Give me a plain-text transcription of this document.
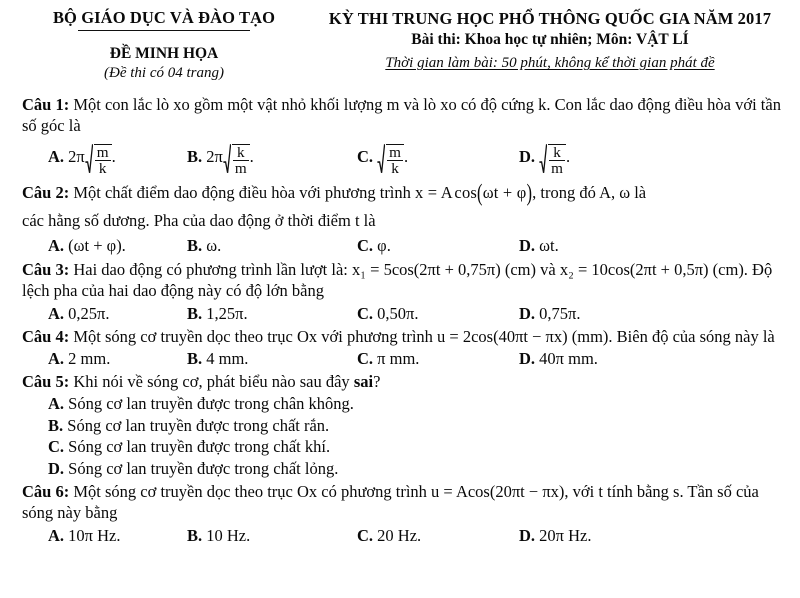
BỘ GIÁO DỤC VÀ ĐÀO TẠO
ĐỀ MINH HỌA
(Đề thi có 04 trang)
KỲ THI TRUNG HỌC PHỔ THÔNG QUỐC GIA NĂM 2017
Bài thi: Khoa học tự nhiên; Môn: VẬT LÍ
Thời gian làm bài: 50 phút, không kể thời gian phát đề
Câu 1: Một con lắc lò xo gồm một vật nhỏ khối lượng m và lò xo có độ cứng k. Con lắc dao động điều hòa với tần số góc là
A. $2\pi \frac{m}{k}$ .	B. $2\pi \frac{k}{m}$ .	C. $\frac{m}{k}$ .	D. $\frac{k}{m}$ .
Câu 2: Một chất điểm dao động điều hòa với phương trình x = A cos(ωt + φ), trong đó A, ω là
các hằng số dương. Pha của dao động ở thời điểm t là
A. (ωt + φ).	B. ω.	C. φ.	D. ωt.
Câu 3: Hai dao động có phương trình lần lượt là: x₁ = 5cos(2πt + 0,75π) (cm) và x₂ = 10cos(2πt + 0,5π) (cm). Độ lệch pha của hai dao động này có độ lớn bằng
A. 0,25π.	B. 1,25π.	C. 0,50π.	D. 0,75π.
Câu 4: Một sóng cơ truyền dọc theo trục Ox với phương trình u = 2cos(40πt − πx) (mm). Biên độ của sóng này là
A. 2 mm.	B. 4 mm.	C. π mm.	D. 40π mm.
Câu 5: Khi nói về sóng cơ, phát biểu nào sau đây sai?
A. Sóng cơ lan truyền được trong chân không.
B. Sóng cơ lan truyền được trong chất rắn.
C. Sóng cơ lan truyền được trong chất khí.
D. Sóng cơ lan truyền được trong chất lỏng.
Câu 6: Một sóng cơ truyền dọc theo trục Ox có phương trình u = Acos(20πt − πx), với t tính bằng s. Tần số của sóng này bằng
A. 10π Hz.	B. 10 Hz.	C. 20 Hz.	D. 20π Hz.
